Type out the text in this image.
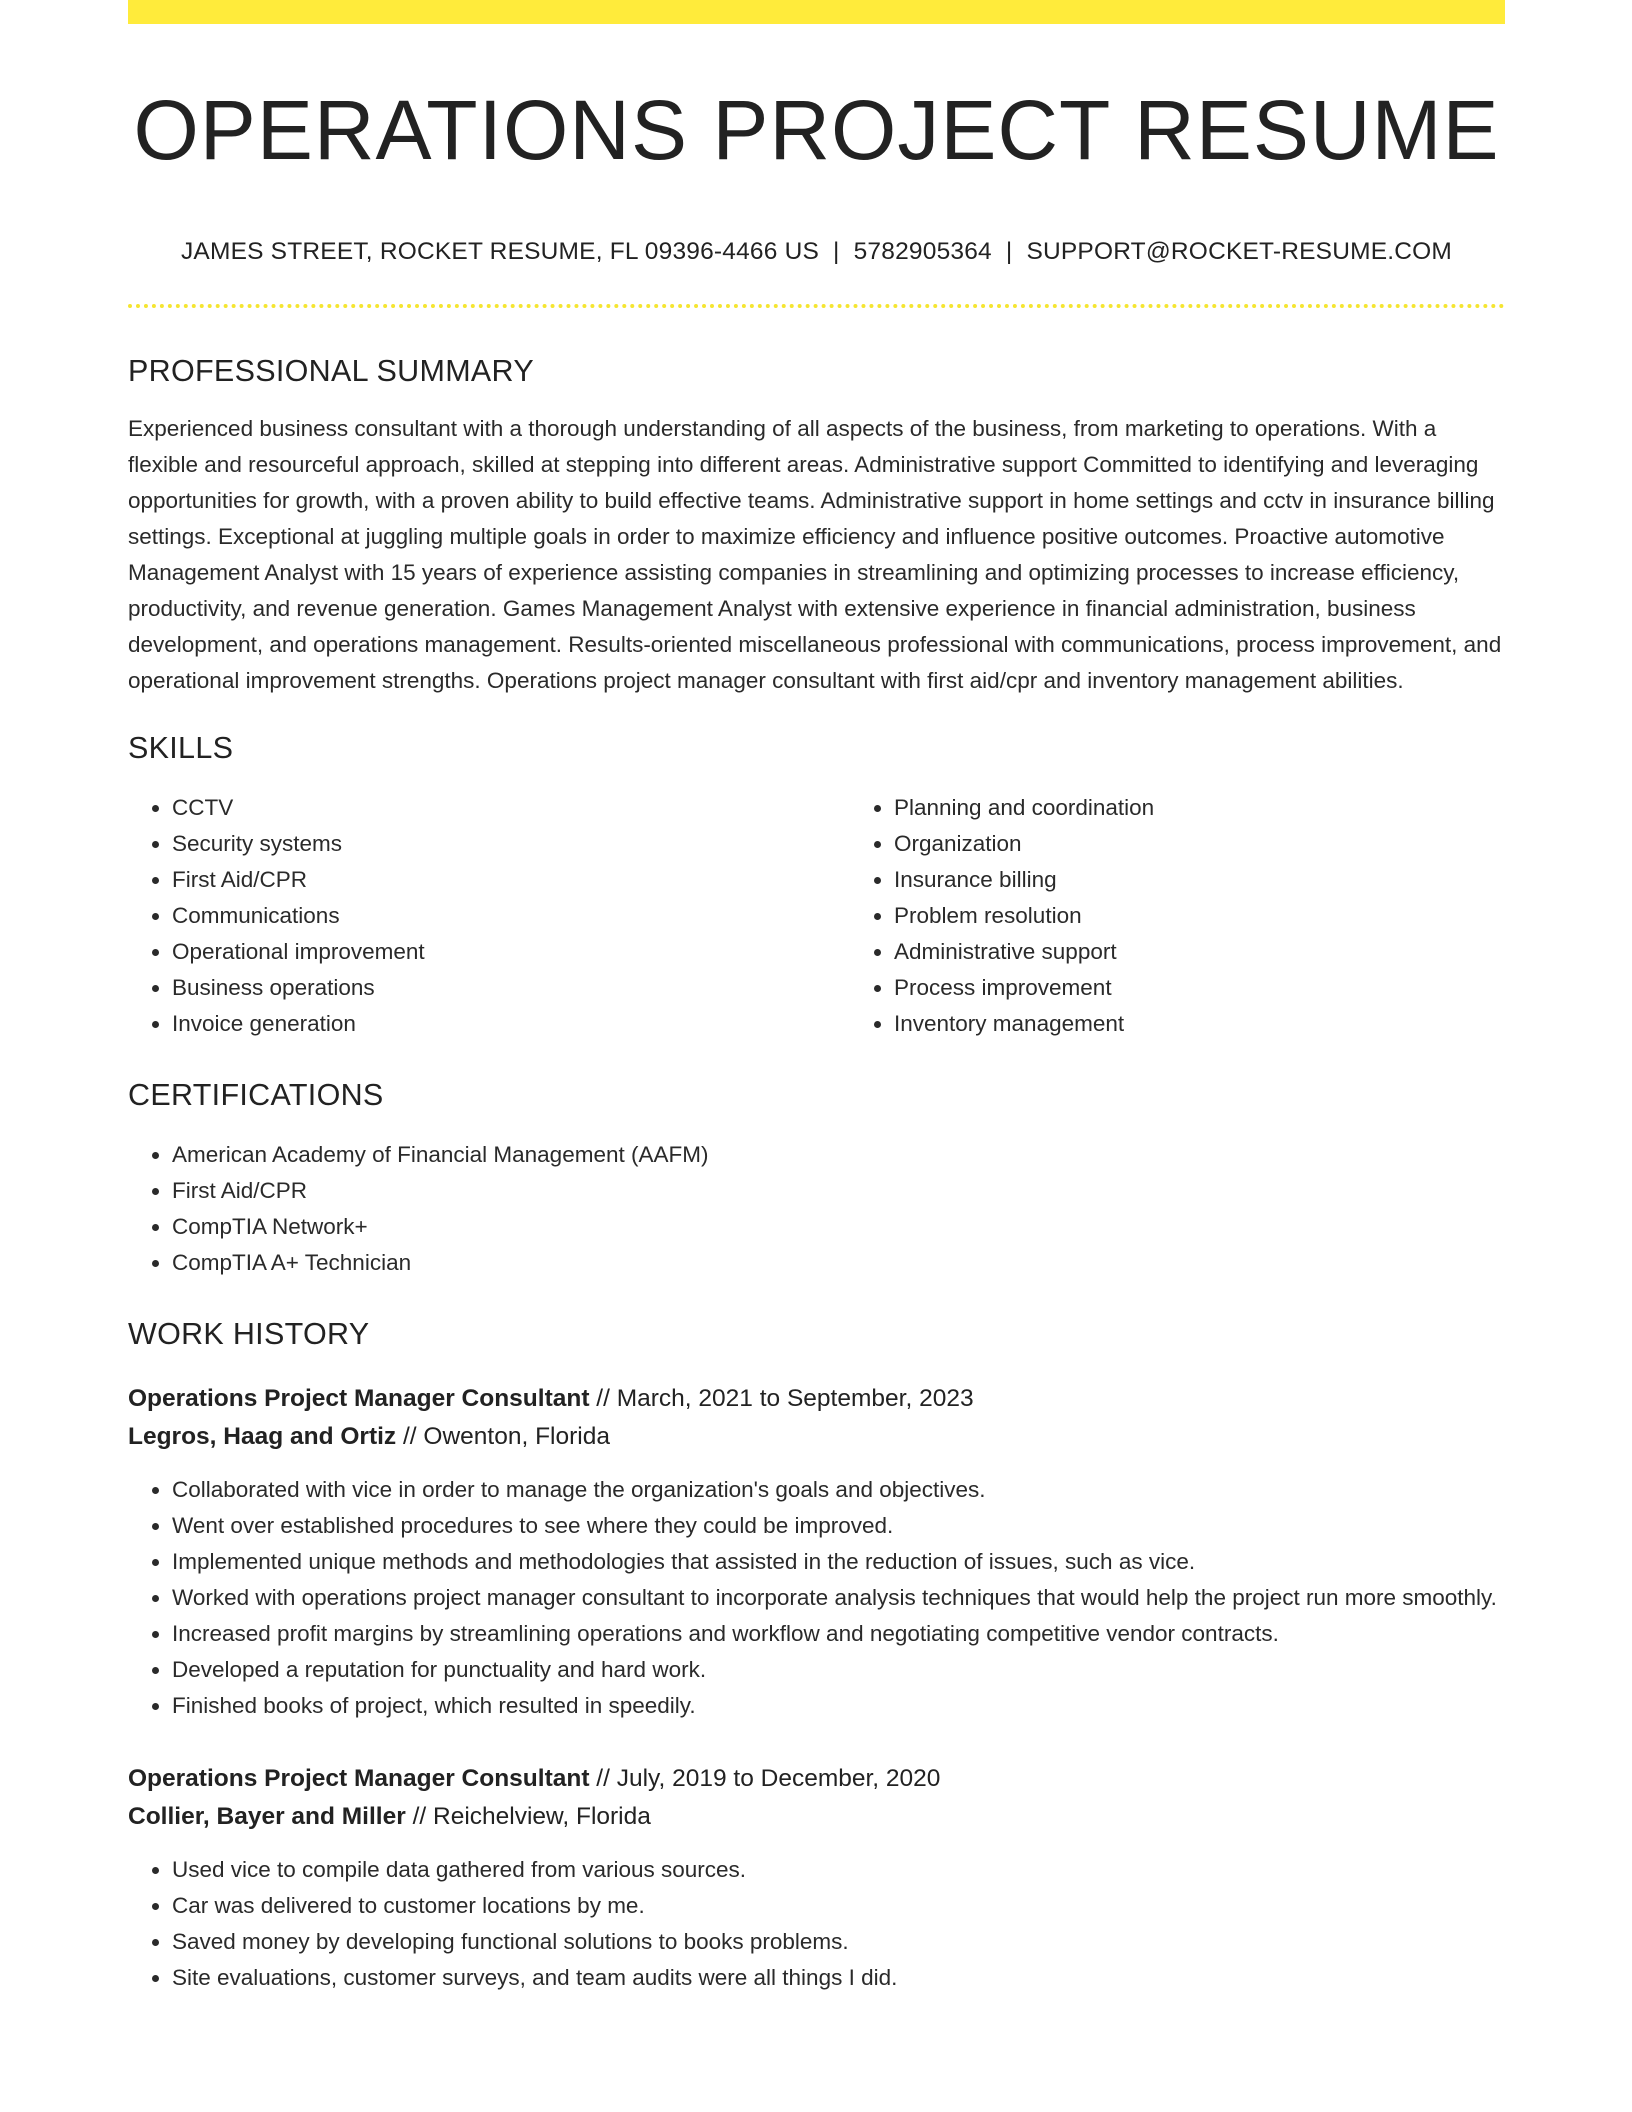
OPERATIONS PROJECT RESUME
JAMES STREET, ROCKET RESUME, FL 09396-4466 US | 5782905364 | SUPPORT@ROCKET-RESUME.COM
PROFESSIONAL SUMMARY

Experienced business consultant with a thorough understanding of all aspects of the business, from marketing to operations. With a flexible and resourceful approach, skilled at stepping into different areas. Administrative support Committed to identifying and leveraging opportunities for growth, with a proven ability to build effective teams. Administrative support in home settings and cctv in insurance billing settings. Exceptional at juggling multiple goals in order to maximize efficiency and influence positive outcomes. Proactive automotive Management Analyst with 15 years of experience assisting companies in streamlining and optimizing processes to increase efficiency, productivity, and revenue generation. Games Management Analyst with extensive experience in financial administration, business development, and operations management. Results-oriented miscellaneous professional with communications, process improvement, and operational improvement strengths. Operations project manager consultant with first aid/cpr and inventory management abilities.

SKILLS
• CCTV
• Security systems
• First Aid/CPR
• Communications
• Operational improvement
• Business operations
• Invoice generation
• Planning and coordination
• Organization
• Insurance billing
• Problem resolution
• Administrative support
• Process improvement
• Inventory management
CERTIFICATIONS
• American Academy of Financial Management (AAFM)
• First Aid/CPR
• CompTIA Network+
• CompTIA A+ Technician
WORK HISTORY
Operations Project Manager Consultant // March, 2021 to September, 2023
Legros, Haag and Ortiz // Owenton, Florida
• Collaborated with vice in order to manage the organization's goals and objectives.
• Went over established procedures to see where they could be improved.
• Implemented unique methods and methodologies that assisted in the reduction of issues, such as vice.
• Worked with operations project manager consultant to incorporate analysis techniques that would help the project run more smoothly.
• Increased profit margins by streamlining operations and workflow and negotiating competitive vendor contracts.
• Developed a reputation for punctuality and hard work.
• Finished books of project, which resulted in speedily.
Operations Project Manager Consultant // July, 2019 to December, 2020
Collier, Bayer and Miller // Reichelview, Florida
• Used vice to compile data gathered from various sources.
• Car was delivered to customer locations by me.
• Saved money by developing functional solutions to books problems.
• Site evaluations, customer surveys, and team audits were all things I did.
